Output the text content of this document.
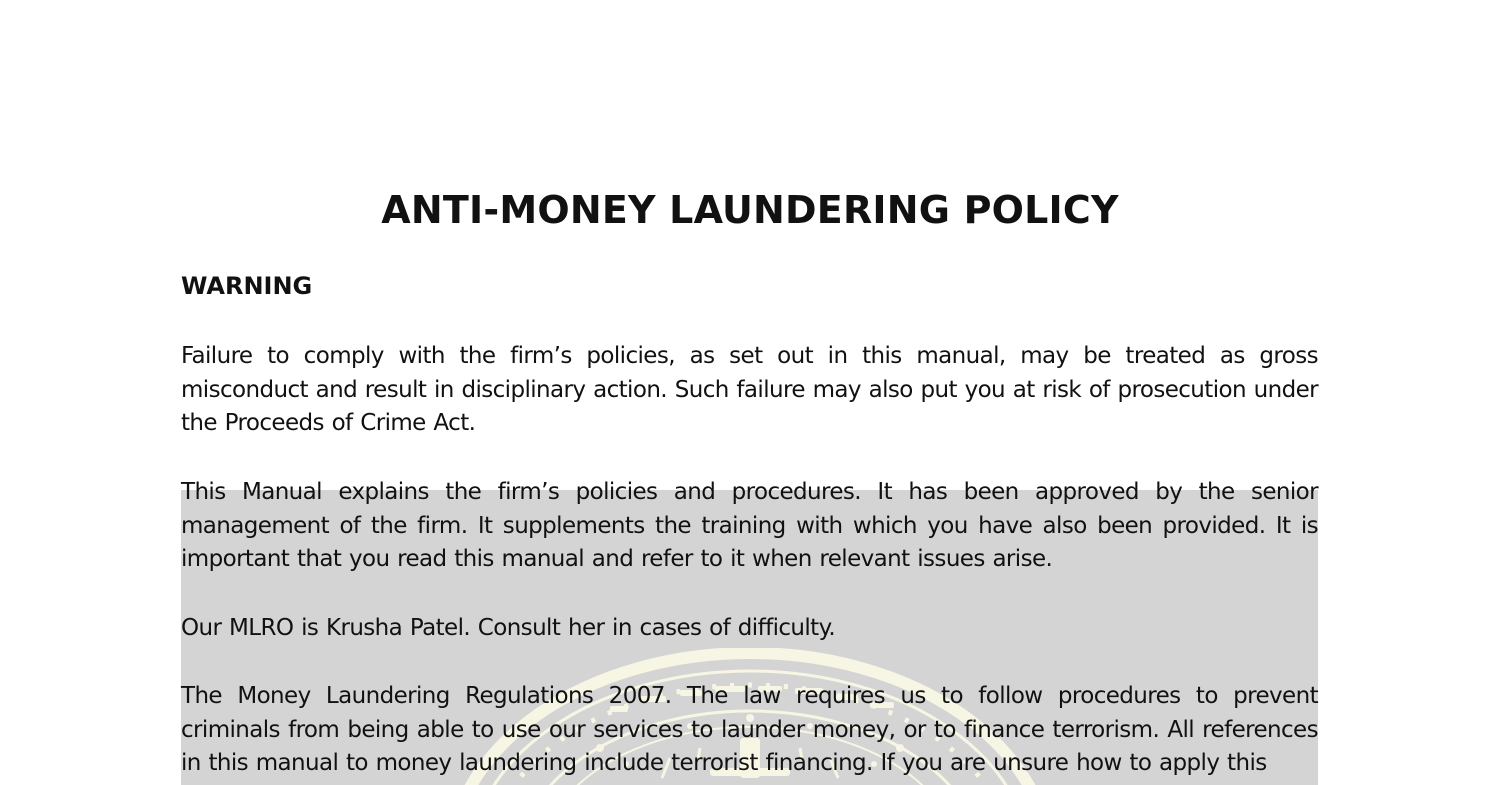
ANTI-MONEY LAUNDERING POLICY
WARNING

Failure to comply with the firm’s policies, as set out in this manual, may be treated as gross misconduct and result in disciplinary action. Such failure may also put you at risk of prosecution under the Proceeds of Crime Act.

This Manual explains the firm’s policies and procedures. It has been approved by the senior management of the firm. It supplements the training with which you have also been provided. It is important that you read this manual and refer to it when relevant issues arise.

Our MLRO is Krusha Patel. Consult her in cases of difficulty.

The Money Laundering Regulations 2007. The law requires us to follow procedures to prevent criminals from being able to use our services to launder money, or to finance terrorism. All references in this manual to money laundering include terrorist financing. If you are unsure how to apply this
